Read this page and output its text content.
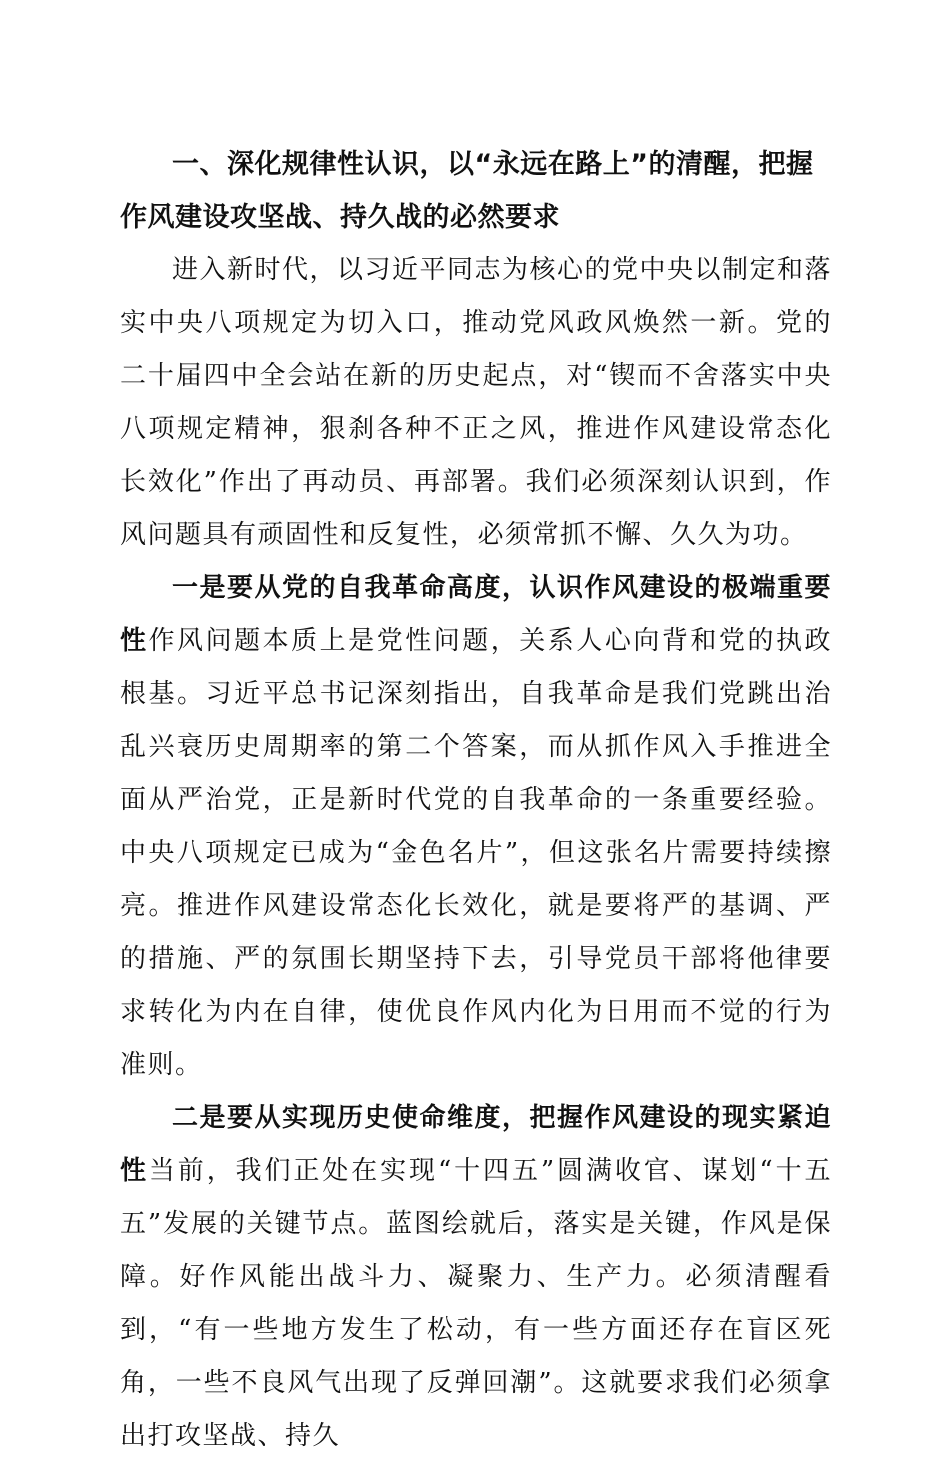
一、深化规律性认识，以“永远在路上”的清醒，把握作风建设攻坚战、持久战的必然要求

进入新时代，以习近平同志为核心的党中央以制定和落实中央八项规定为切入口，推动党风政风焕然一新。党的二十届四中全会站在新的历史起点，对“锲而不舍落实中央八项规定精神，狠刹各种不正之风，推进作风建设常态化长效化”作出了再动员、再部署。我们必须深刻认识到，作风问题具有顽固性和反复性，必须常抓不懈、久久为功。

一是要从党的自我革命高度，认识作风建设的极端重要性作风问题本质上是党性问题，关系人心向背和党的执政根基。习近平总书记深刻指出，自我革命是我们党跳出治乱兴衰历史周期率的第二个答案，而从抓作风入手推进全面从严治党，正是新时代党的自我革命的一条重要经验。中央八项规定已成为“金色名片”，但这张名片需要持续擦亮。推进作风建设常态化长效化，就是要将严的基调、严的措施、严的氛围长期坚持下去，引导党员干部将他律要求转化为内在自律，使优良作风内化为日用而不觉的行为准则。

二是要从实现历史使命维度，把握作风建设的现实紧迫性当前，我们正处在实现“十四五”圆满收官、谋划“十五五”发展的关键节点。蓝图绘就后，落实是关键，作风是保障。好作风能出战斗力、凝聚力、生产力。必须清醒看到，“有一些地方发生了松动，有一些方面还存在盲区死角，一些不良风气出现了反弹回潮”。这就要求我们必须拿出打攻坚战、持久
